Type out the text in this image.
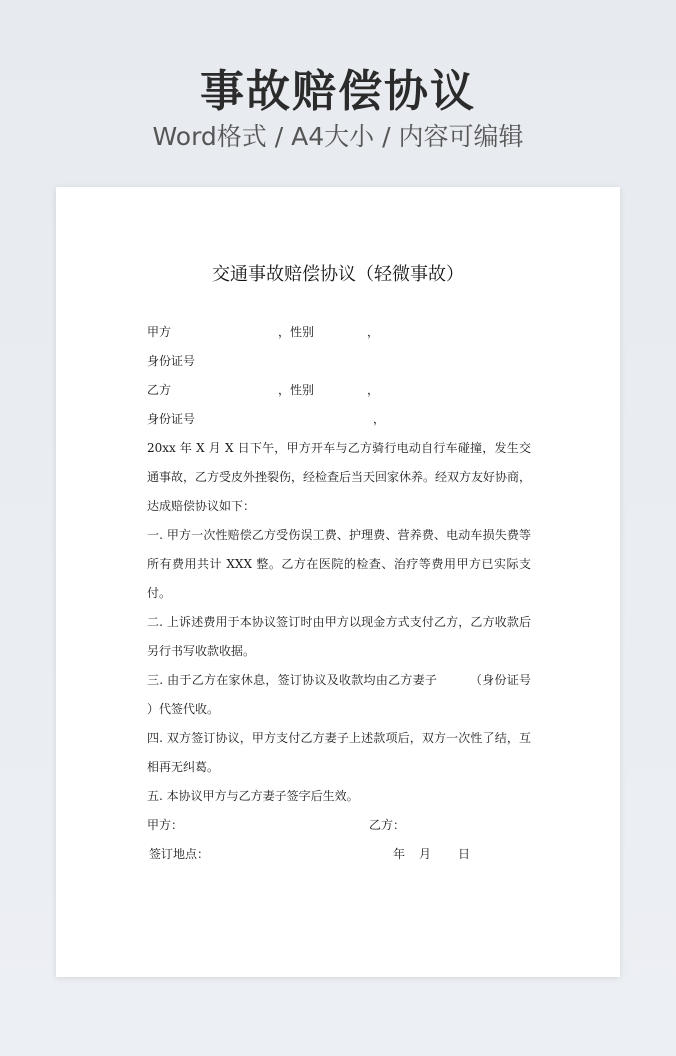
事故赔偿协议
Word格式 / A4大小 / 内容可编辑
交通事故赔偿协议（轻微事故）
甲方	，性别	，
身份证号
乙方	，性别	，
身份证号	，
20xx 年 X 月 X 日下午，甲方开车与乙方骑行电动自行车碰撞，发生交通事故，乙方受皮外挫裂伤，经检查后当天回家休养。经双方友好协商，达成赔偿协议如下：
一. 甲方一次性赔偿乙方受伤误工费、护理费、营养费、电动车损失费等所有费用共计 XXX 整。乙方在医院的检查、治疗等费用甲方已实际支付。
二. 上诉述费用于本协议签订时由甲方以现金方式支付乙方，乙方收款后另行书写收款收据。
三. 由于乙方在家休息，签订协议及收款均由乙方妻子        （身份证号                  ）代签代收。
四. 双方签订协议，甲方支付乙方妻子上述款项后，双方一次性了结，互相再无纠葛。
五. 本协议甲方与乙方妻子签字后生效。
甲方：	乙方：
签订地点：	年 月 日
